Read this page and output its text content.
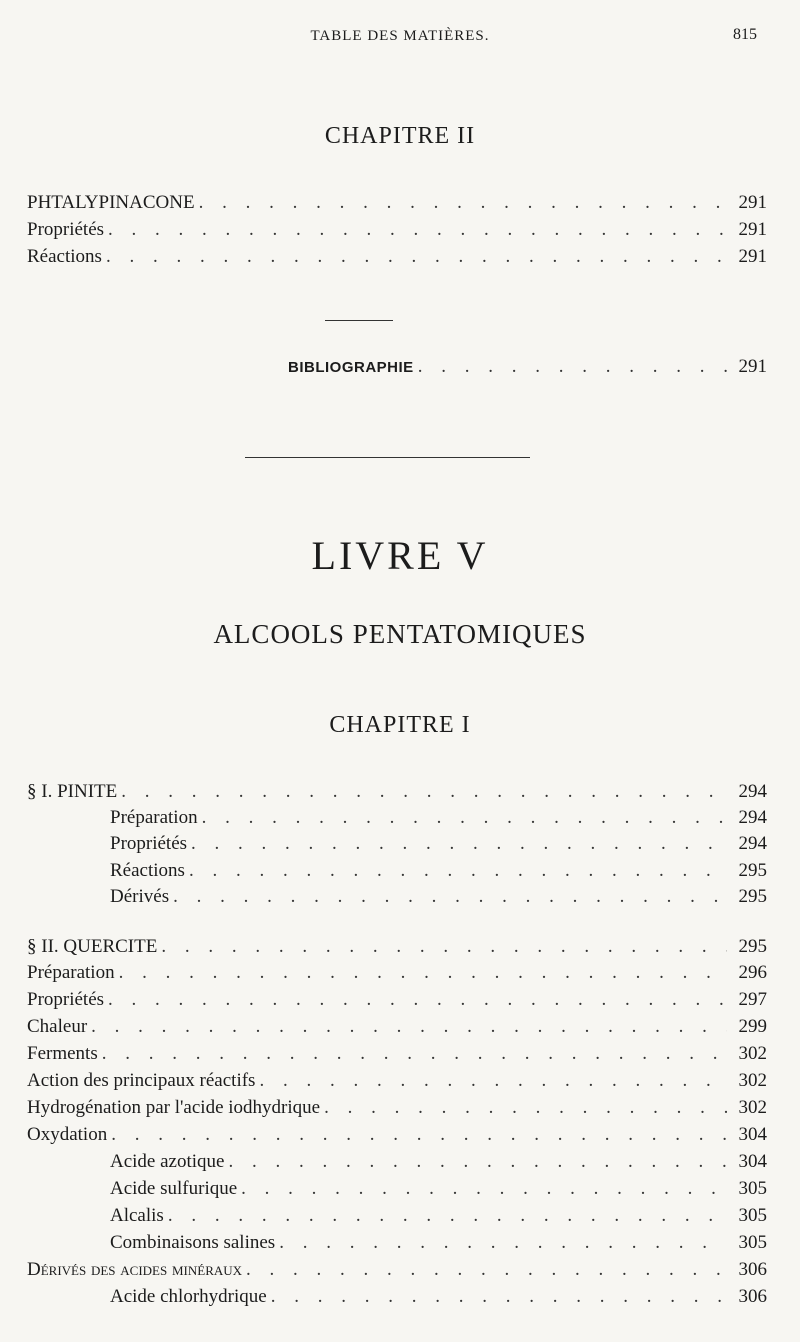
TABLE DES MATIÈRES.	815
CHAPITRE II
PHTALYPINACONE . . .	291
Propriétés . . .	291
Réactions . . .	291
BIBLIOGRAPHIE . . .	291
LIVRE V
ALCOOLS PENTATOMIQUES
CHAPITRE I
§ I. PINITE . . .	294
Préparation . . .	294
Propriétés . . .	294
Réactions . . .	295
Dérivés . . .	295
§ II. QUERCITE . . .	295
Préparation . . .	296
Propriétés . . .	297
Chaleur . . .	299
Ferments . . .	302
Action des principaux réactifs . . .	302
Hydrogénation par l'acide iodhydrique . . .	302
Oxydation . . .	304
Acide azotique . . .	304
Acide sulfurique . . .	305
Alcalis . . .	305
Combinaisons salines . . .	305
Dérivés des acides minéraux . . .	306
Acide chlorhydrique . . .	306
